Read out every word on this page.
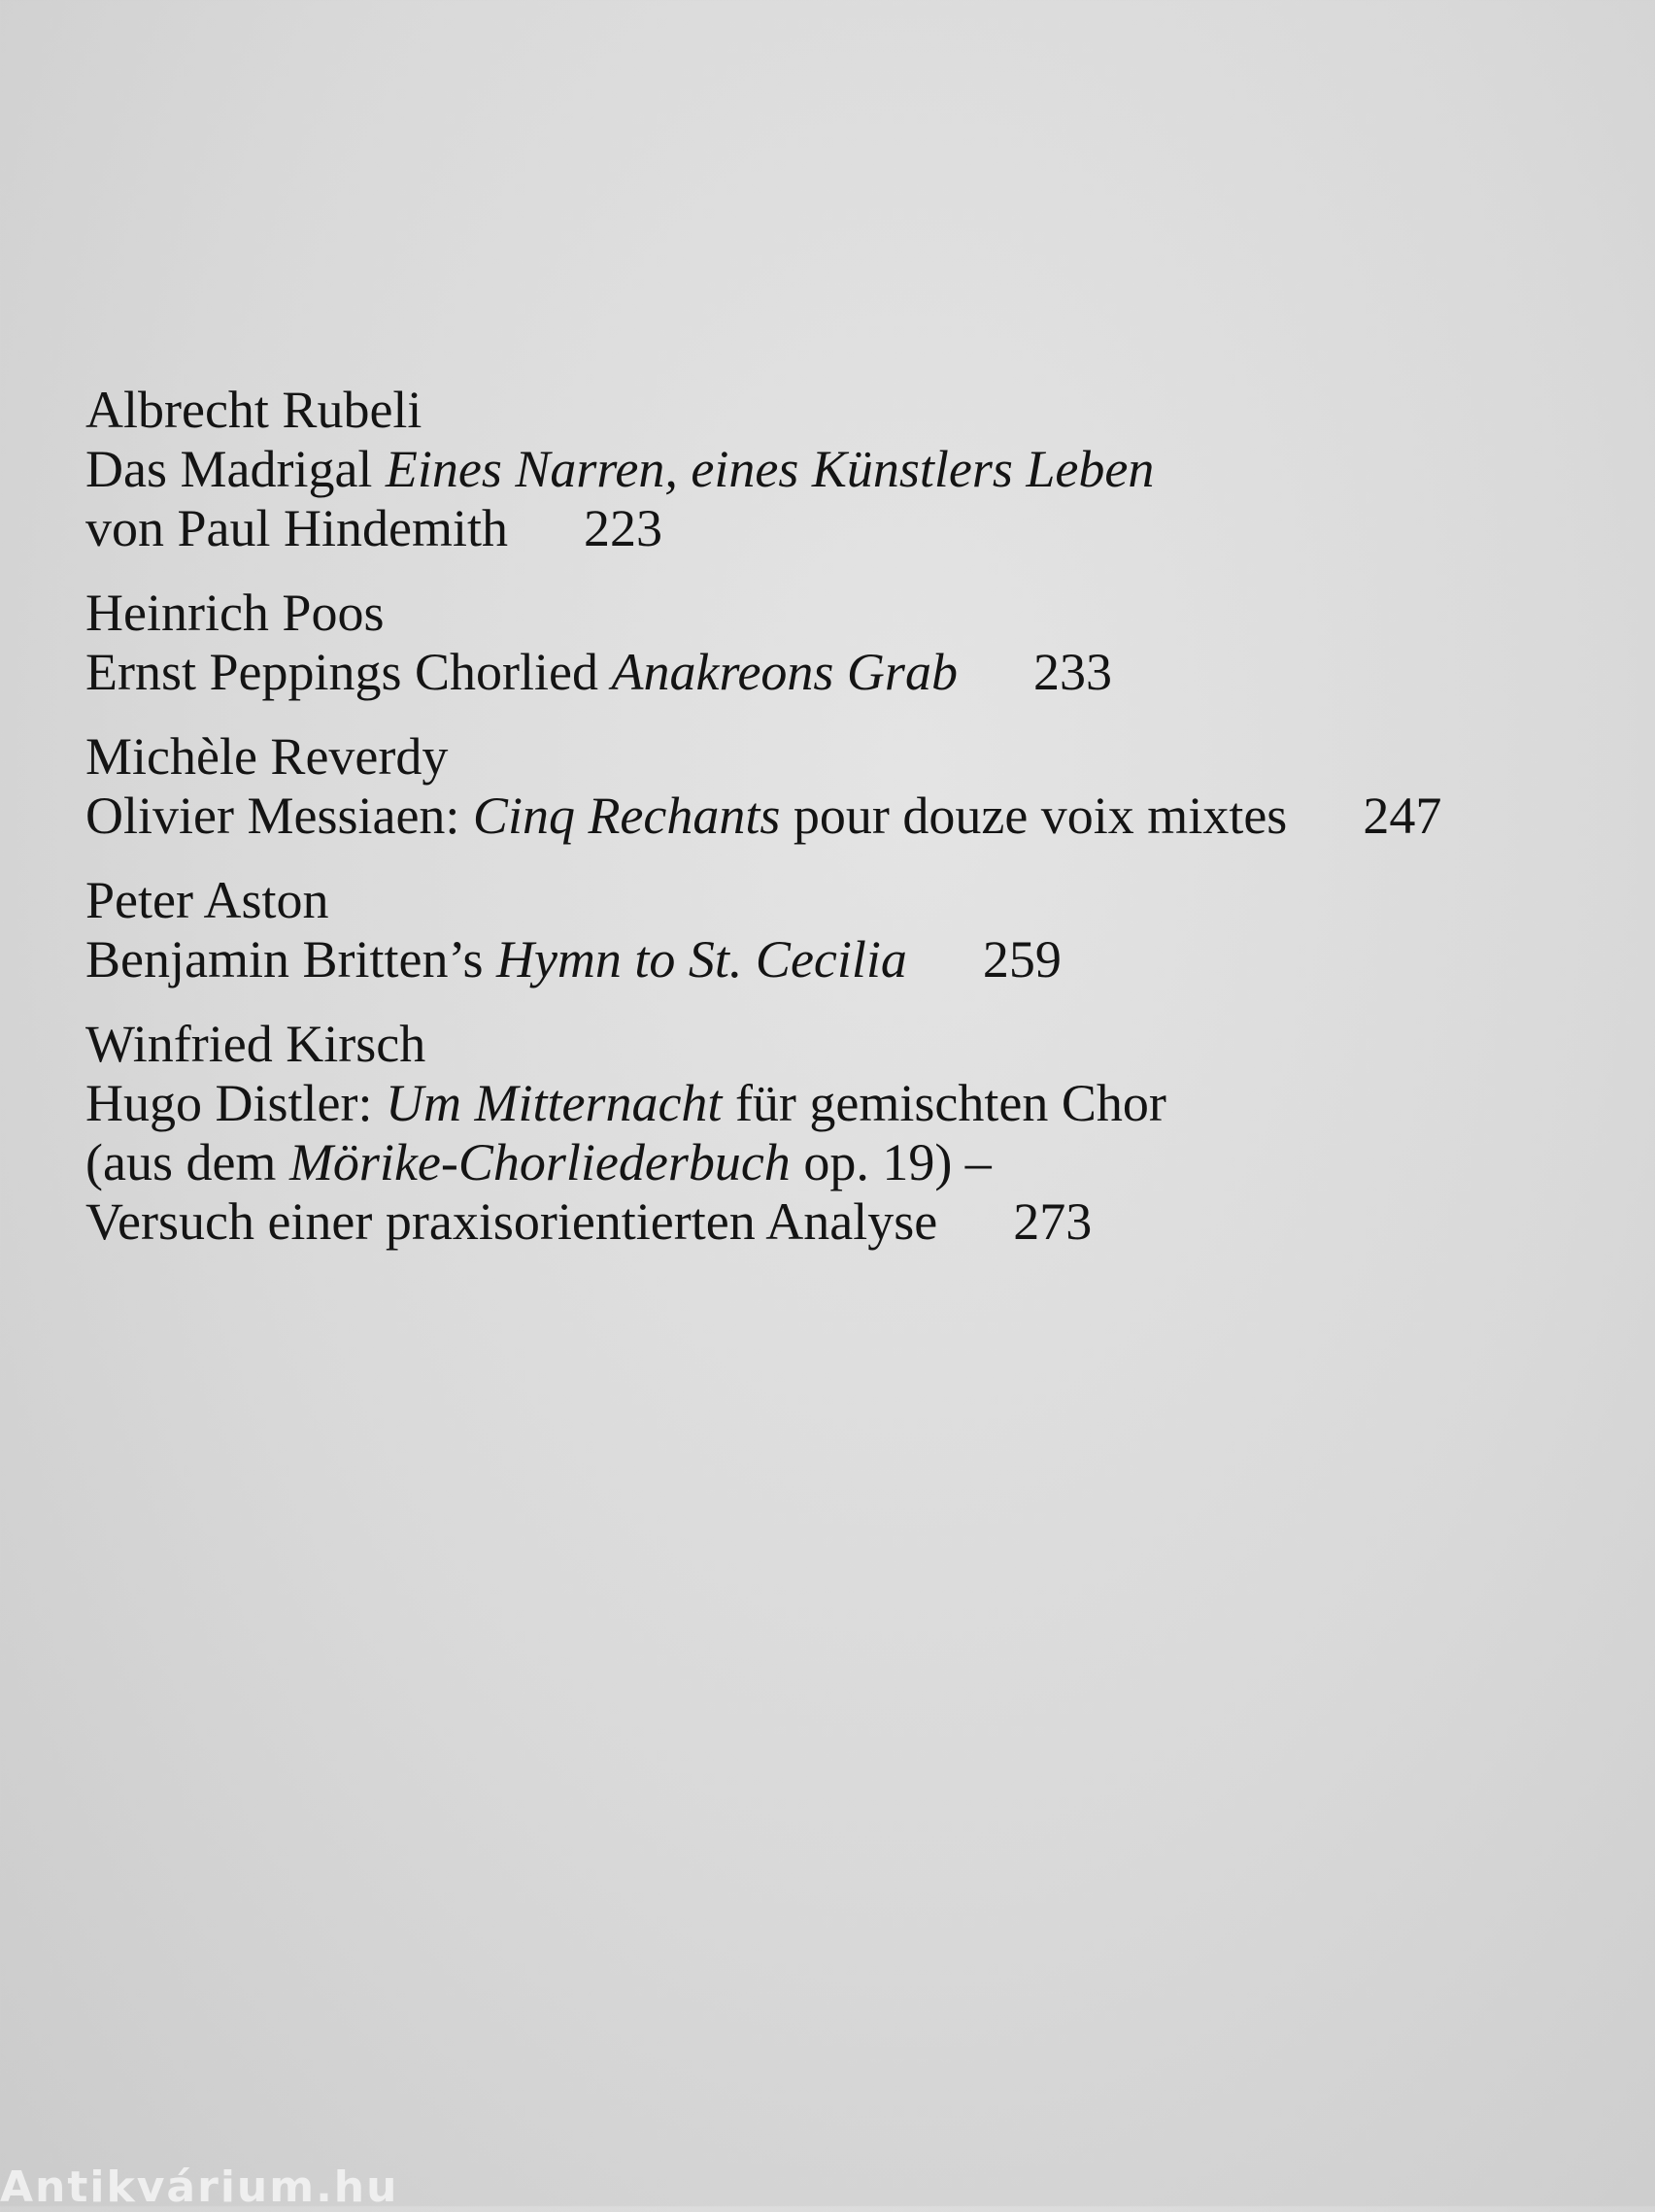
Albrecht Rubeli
Das Madrigal Eines Narren, eines Künstlers Leben
von Paul Hindemith 223
Heinrich Poos
Ernst Peppings Chorlied Anakreons Grab 233
Michèle Reverdy
Olivier Messiaen: Cinq Rechants pour douze voix mixtes 247
Peter Aston
Benjamin Britten’s Hymn to St. Cecilia 259
Winfried Kirsch
Hugo Distler: Um Mitternacht für gemischten Chor
(aus dem Mörike-Chorliederbuch op. 19) –
Versuch einer praxisorientierten Analyse 273
Antikvárium.hu
